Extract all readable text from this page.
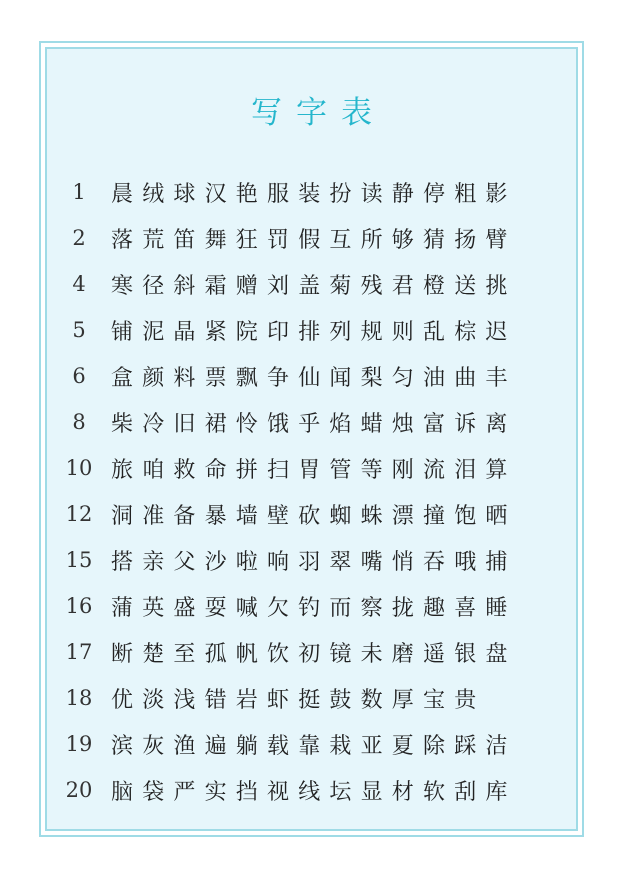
写字表
1	晨绒球汉艳服装扮读静停粗影
2	落荒笛舞狂罚假互所够猜扬臂
4	寒径斜霜赠刘盖菊残君橙送挑
5	铺泥晶紧院印排列规则乱棕迟
6	盒颜料票飘争仙闻梨匀油曲丰
8	柴冷旧裙怜饿乎焰蜡烛富诉离
10 旅咱救命拼扫胃管等刚流泪算
12 洞准备暴墙壁砍蜘蛛漂撞饱晒
15 搭亲父沙啦响羽翠嘴悄吞哦捕
16 蒲英盛耍喊欠钓而察拢趣喜睡
17 断楚至孤帆饮初镜未磨遥银盘
18 优淡浅错岩虾挺鼓数厚宝贵
19 滨灰渔遍躺载靠栽亚夏除踩洁
20 脑袋严实挡视线坛显材软刮库
